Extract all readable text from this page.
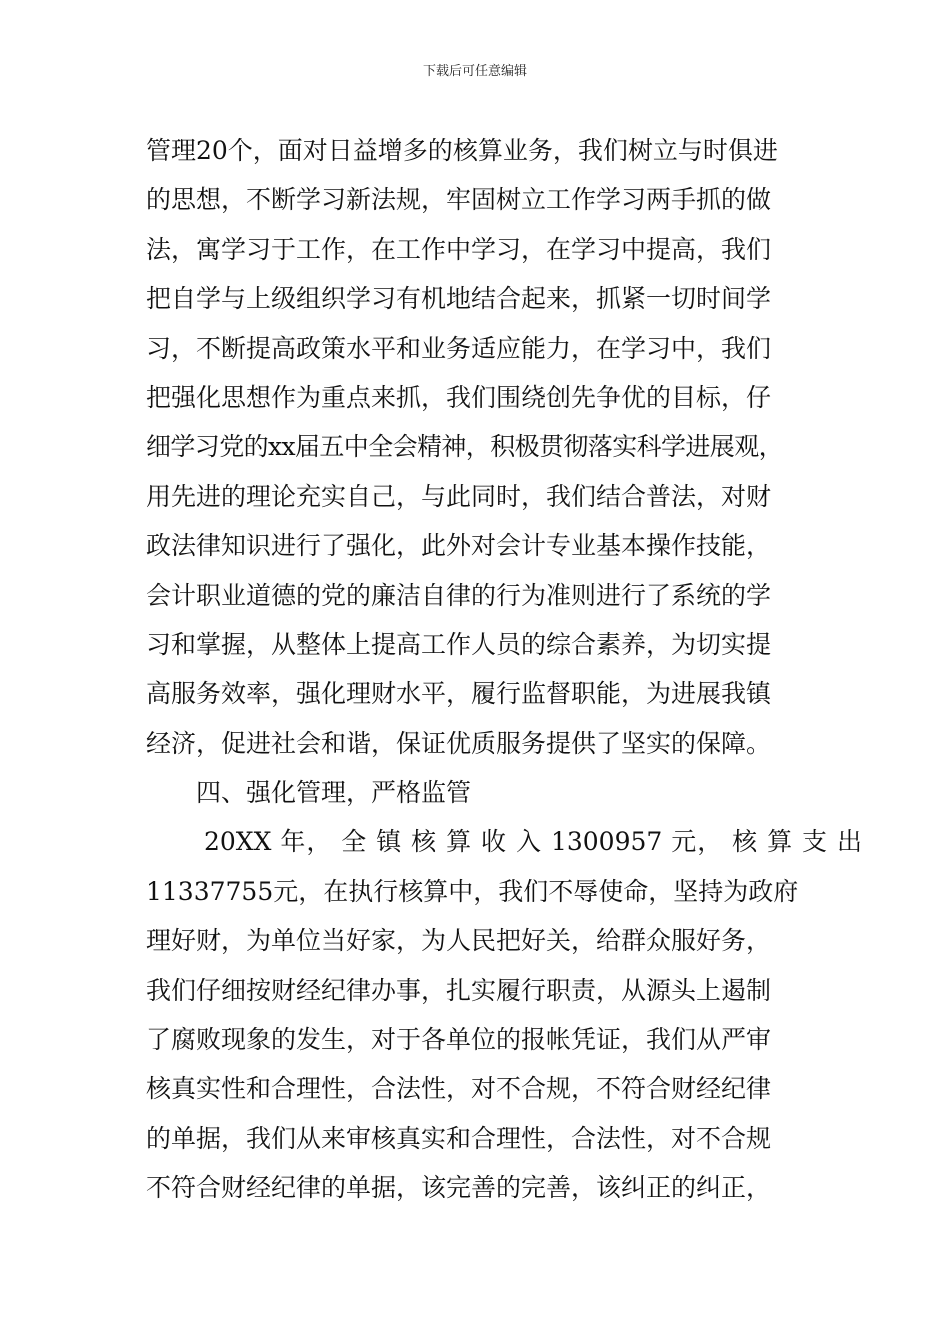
下载后可任意编辑
管理20个，面对日益增多的核算业务，我们树立与时俱进
的思想，不断学习新法规，牢固树立工作学习两手抓的做
法，寓学习于工作，在工作中学习，在学习中提高，我们
把自学与上级组织学习有机地结合起来，抓紧一切时间学
习，不断提高政策水平和业务适应能力，在学习中，我们
把强化思想作为重点来抓，我们围绕创先争优的目标，仔
细学习党的xx届五中全会精神，积极贯彻落实科学进展观，
用先进的理论充实自己，与此同时，我们结合普法，对财
政法律知识进行了强化，此外对会计专业基本操作技能，
会计职业道德的党的廉洁自律的行为准则进行了系统的学
习和掌握，从整体上提高工作人员的综合素养，为切实提
高服务效率，强化理财水平，履行监督职能，为进展我镇
经济，促进社会和谐，保证优质服务提供了坚实的保障。
四、强化管理，严格监管
20XX 年， 全 镇 核 算 收 入 1300957 元， 核 算 支 出
11337755元，在执行核算中，我们不辱使命，坚持为政府
理好财，为单位当好家，为人民把好关，给群众服好务，
我们仔细按财经纪律办事，扎实履行职责，从源头上遏制
了腐败现象的发生，对于各单位的报帐凭证，我们从严审
核真实性和合理性，合法性，对不合规，不符合财经纪律
的单据，我们从来审核真实和合理性，合法性，对不合规
不符合财经纪律的单据，该完善的完善，该纠正的纠正，
